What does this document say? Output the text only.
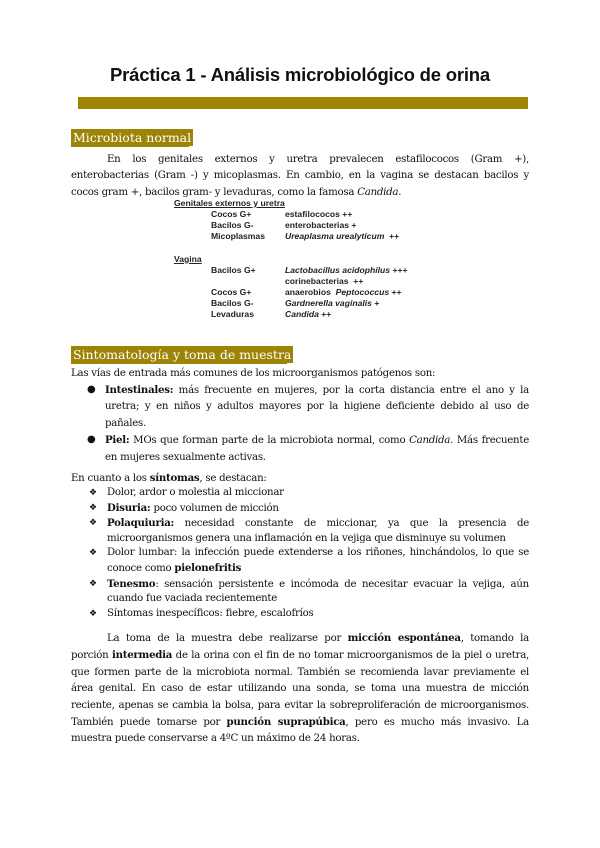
Práctica 1 - Análisis microbiológico de orina
Microbiota normal
En los genitales externos y uretra prevalecen estafilococos (Gram +), enterobacterias (Gram -) y micoplasmas. En cambio, en la vagina se destacan bacilos y cocos gram +, bacilos gram- y levaduras, como la famosa Candida.
Genitales externos y uretra
Cocos G+	estafilococos ++
Bacilos G-	enterobacterias +
Micoplasmas Ureaplasma urealyticum  ++
Vagina
Bacilos G+	Lactobacillus acidophilus +++
corinebacterias  ++
Cocos G+	anaerobios  Peptococcus ++
Bacilos G-	Gardnerella vaginalis +
Levaduras	Candida ++
Sintomatología y toma de muestra
Las vías de entrada más comunes de los microorganismos patógenos son:
● Intestinales: más frecuente en mujeres, por la corta distancia entre el ano y la uretra; y en niños y adultos mayores por la higiene deficiente debido al uso de pañales.
● Piel: MOs que forman parte de la microbiota normal, como Candida. Más frecuente en mujeres sexualmente activas.
En cuanto a los síntomas, se destacan:
❖ Dolor, ardor o molestia al miccionar
❖ Disuria: poco volumen de micción
❖ Polaquiuria: necesidad constante de miccionar, ya que la presencia de microorganismos genera una inflamación en la vejiga que disminuye su volumen
❖ Dolor lumbar: la infección puede extenderse a los riñones, hinchándolos, lo que se conoce como pielonefritis
❖ Tenesmo: sensación persistente e incómoda de necesitar evacuar la vejiga, aún cuando fue vaciada recientemente
❖ Síntomas inespecíficos: fiebre, escalofríos
La toma de la muestra debe realizarse por micción espontánea, tomando la porción intermedia de la orina con el fin de no tomar microorganismos de la piel o uretra, que formen parte de la microbiota normal. También se recomienda lavar previamente el área genital. En caso de estar utilizando una sonda, se toma una muestra de micción reciente, apenas se cambia la bolsa, para evitar la sobreproliferación de microorganismos. También puede tomarse por punción suprapúbica, pero es mucho más invasivo. La muestra puede conservarse a 4ºC un máximo de 24 horas.
